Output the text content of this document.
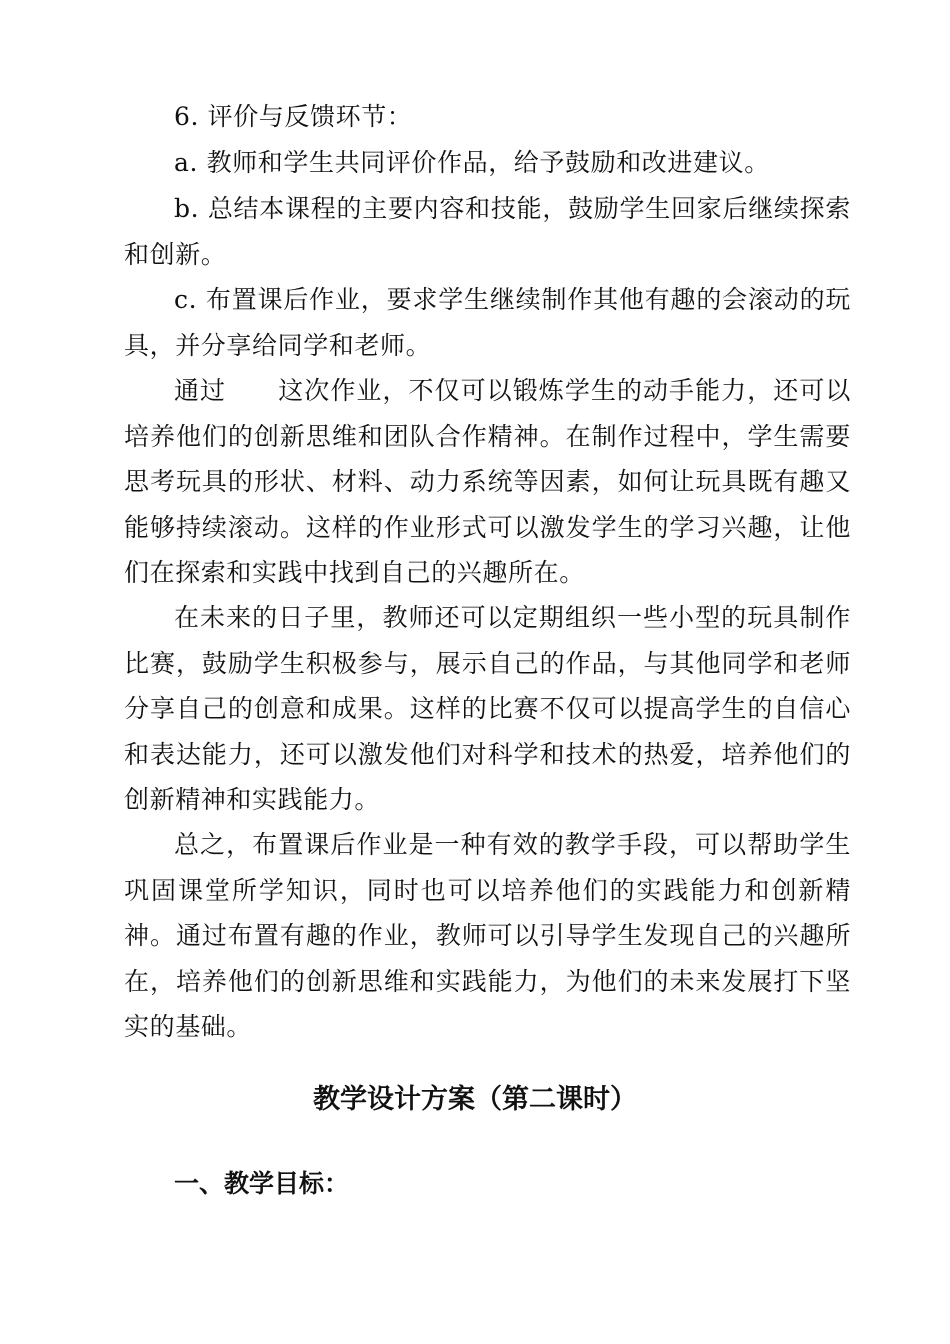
6. 评价与反馈环节：

a. 教师和学生共同评价作品，给予鼓励和改进建议。

b. 总结本课程的主要内容和技能，鼓励学生回家后继续探索和创新。

c. 布置课后作业，要求学生继续制作其他有趣的会滚动的玩具，并分享给同学和老师。

通过　　这次作业，不仅可以锻炼学生的动手能力，还可以培养他们的创新思维和团队合作精神。在制作过程中，学生需要思考玩具的形状、材料、动力系统等因素，如何让玩具既有趣又能够持续滚动。这样的作业形式可以激发学生的学习兴趣，让他们在探索和实践中找到自己的兴趣所在。

在未来的日子里，教师还可以定期组织一些小型的玩具制作比赛，鼓励学生积极参与，展示自己的作品，与其他同学和老师分享自己的创意和成果。这样的比赛不仅可以提高学生的自信心和表达能力，还可以激发他们对科学和技术的热爱，培养他们的创新精神和实践能力。

总之，布置课后作业是一种有效的教学手段，可以帮助学生巩固课堂所学知识，同时也可以培养他们的实践能力和创新精神。通过布置有趣的作业，教师可以引导学生发现自己的兴趣所在，培养他们的创新思维和实践能力，为他们的未来发展打下坚实的基础。

教学设计方案（第二课时）
一、教学目标：
